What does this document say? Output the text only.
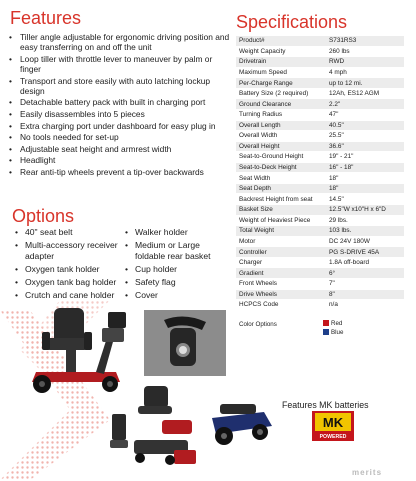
Features
• Tiller angle adjustable for ergonomic driving position and easy transferring on and off the unit
• Loop tiller with throttle lever to maneuver by palm or finger
• Transport and store easily with auto latching lockup design
• Detachable battery pack with built in charging port
• Easily disassembles into 5 pieces
• Extra charging port under dashboard for easy plug in
• No tools needed for set-up
• Adjustable seat height and armrest width
• Headlight
• Rear anti-tip wheels prevent a tip-over backwards
Options
• 40" seat belt
• Multi-accessory receiver adapter
• Oxygen tank holder
• Oxygen tank bag holder
• Crutch and cane holder
• Walker holder
• Medium or Large foldable rear basket
• Cup holder
• Safety flag
• Cover
Specifications
Product#	S731RS3
Weight Capacity	260 lbs
Drivetrain	RWD
Maximum Speed	4 mph
Per-Charge Range	up to 12 mi.
Battery Size (2 required)	12Ah, ES12 AGM
Ground Clearance	2.2"
Turning Radius	47"
Overall Length	40.5"
Overall Width	25.5"
Overall Height	36.6"
Seat-to-Ground Height	19" - 21"
Seat-to-Deck Height	16" - 18"
Seat Width	18"
Seat Depth	18"
Backrest Height from seat	14.5"
Basket Size	12.5"W x10"H x 6"D
Weight of Heaviest Piece	29 lbs.
Total Weight	103 lbs.
Motor	DC 24V 180W
Controller	PG S-DRIVE 45A
Charger	1.8A off-board
Gradient	6°
Front Wheels	7"
Drive Wheels	8"
HCPCS Code	n/a
Color Options	Red
Blue
Features MK batteries
MK
POWERED
merits
